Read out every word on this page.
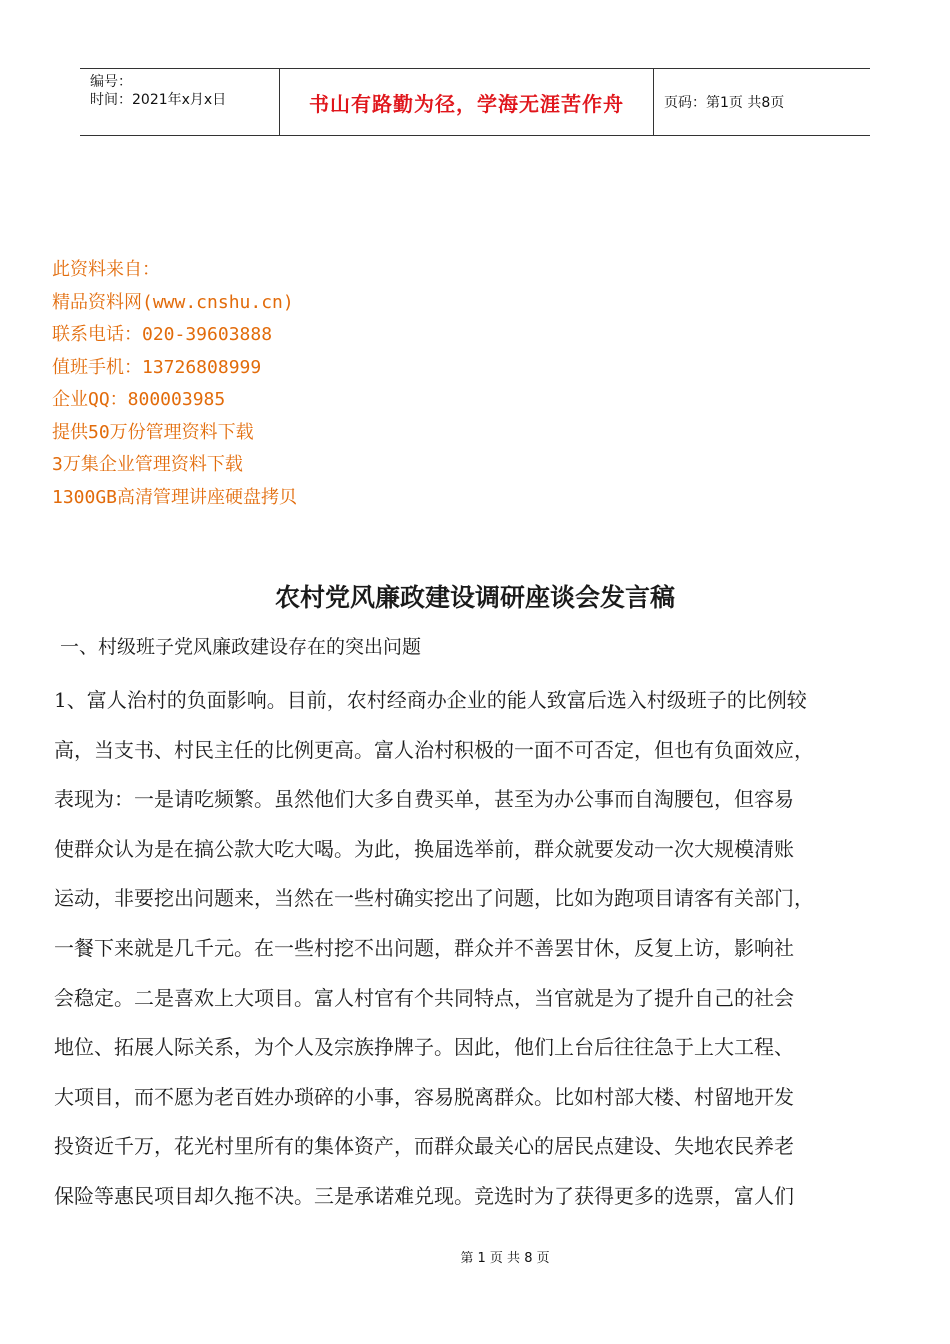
编号：
时间：2021年x月x日	书山有路勤为径，学海无涯苦作舟	页码：第1页 共8页
此资料来自：
精品资料网(www.cnshu.cn)
联系电话：020-39603888
值班手机：13726808999
企业QQ：800003985
提供50万份管理资料下载
3万集企业管理资料下载
1300GB高清管理讲座硬盘拷贝
农村党风廉政建设调研座谈会发言稿
一、村级班子党风廉政建设存在的突出问题
1、富人治村的负面影响。目前，农村经商办企业的能人致富后选入村级班子的比例较
高，当支书、村民主任的比例更高。富人治村积极的一面不可否定，但也有负面效应，
表现为：一是请吃频繁。虽然他们大多自费买单，甚至为办公事而自淘腰包，但容易
使群众认为是在搞公款大吃大喝。为此，换届选举前，群众就要发动一次大规模清账
运动，非要挖出问题来，当然在一些村确实挖出了问题，比如为跑项目请客有关部门，
一餐下来就是几千元。在一些村挖不出问题，群众并不善罢甘休，反复上访，影响社
会稳定。二是喜欢上大项目。富人村官有个共同特点，当官就是为了提升自己的社会
地位、拓展人际关系，为个人及宗族挣牌子。因此，他们上台后往往急于上大工程、
大项目，而不愿为老百姓办琐碎的小事，容易脱离群众。比如村部大楼、村留地开发
投资近千万，花光村里所有的集体资产，而群众最关心的居民点建设、失地农民养老
保险等惠民项目却久拖不决。三是承诺难兑现。竞选时为了获得更多的选票，富人们
第 1 页 共 8 页
